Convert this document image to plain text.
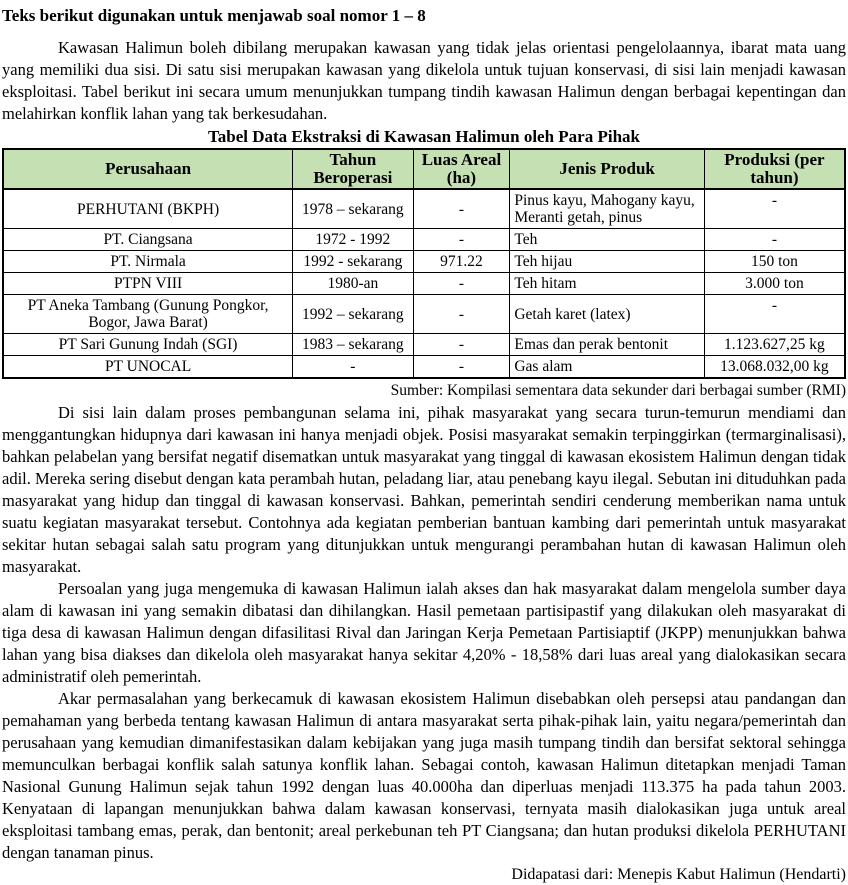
Teks berikut digunakan untuk menjawab soal nomor 1 – 8

Kawasan Halimun boleh dibilang merupakan kawasan yang tidak jelas orientasi pengelolaannya, ibarat mata uang yang memiliki dua sisi. Di satu sisi merupakan kawasan yang dikelola untuk tujuan konservasi, di sisi lain menjadi kawasan eksploitasi. Tabel berikut ini secara umum menunjukkan tumpang tindih kawasan Halimun dengan berbagai kepentingan dan melahirkan konflik lahan yang tak berkesudahan.

Tabel Data Ekstraksi di Kawasan Halimun oleh Para Pihak

Perusahaan	Tahun Beroperasi	Luas Areal (ha)	Jenis Produk	Produksi (per tahun)
PERHUTANI (BKPH)	1978 – sekarang	-	Pinus kayu, Mahogany kayu, Meranti getah, pinus	-
PT. Ciangsana	1972 - 1992	-	Teh	-
PT. Nirmala	1992 - sekarang	971.22	Teh hijau	150 ton
PTPN VIII	1980-an	-	Teh hitam	3.000 ton
PT Aneka Tambang (Gunung Pongkor, Bogor, Jawa Barat)	1992 – sekarang	-	Getah karet (latex)	-
PT Sari Gunung Indah (SGI)	1983 – sekarang	-	Emas dan perak bentonit	1.123.627,25 kg
PT UNOCAL	-	-	Gas alam	13.068.032,00 kg

Sumber: Kompilasi sementara data sekunder dari berbagai sumber (RMI)

Di sisi lain dalam proses pembangunan selama ini, pihak masyarakat yang secara turun-temurun mendiami dan menggantungkan hidupnya dari kawasan ini hanya menjadi objek. Posisi masyarakat semakin terpinggirkan (termarginalisasi), bahkan pelabelan yang bersifat negatif disematkan untuk masyarakat yang tinggal di kawasan ekosistem Halimun dengan tidak adil. Mereka sering disebut dengan kata perambah hutan, peladang liar, atau penebang kayu ilegal. Sebutan ini dituduhkan pada masyarakat yang hidup dan tinggal di kawasan konservasi. Bahkan, pemerintah sendiri cenderung memberikan nama untuk suatu kegiatan masyarakat tersebut. Contohnya ada kegiatan pemberian bantuan kambing dari pemerintah untuk masyarakat sekitar hutan sebagai salah satu program yang ditunjukkan untuk mengurangi perambahan hutan di kawasan Halimun oleh masyarakat.

Persoalan yang juga mengemuka di kawasan Halimun ialah akses dan hak masyarakat dalam mengelola sumber daya alam di kawasan ini yang semakin dibatasi dan dihilangkan. Hasil pemetaan partisipastif yang dilakukan oleh masyarakat di tiga desa di kawasan Halimun dengan difasilitasi Rival dan Jaringan Kerja Pemetaan Partisiaptif (JKPP) menunjukkan bahwa lahan yang bisa diakses dan dikelola oleh masyarakat hanya sekitar 4,20% - 18,58% dari luas areal yang dialokasikan secara administratif oleh pemerintah.

Akar permasalahan yang berkecamuk di kawasan ekosistem Halimun disebabkan oleh persepsi atau pandangan dan pemahaman yang berbeda tentang kawasan Halimun di antara masyarakat serta pihak-pihak lain, yaitu negara/pemerintah dan perusahaan yang kemudian dimanifestasikan dalam kebijakan yang juga masih tumpang tindih dan bersifat sektoral sehingga memunculkan berbagai konflik salah satunya konflik lahan. Sebagai contoh, kawasan Halimun ditetapkan menjadi Taman Nasional Gunung Halimun sejak tahun 1992 dengan luas 40.000ha dan diperluas menjadi 113.375 ha pada tahun 2003. Kenyataan di lapangan menunjukkan bahwa dalam kawasan konservasi, ternyata masih dialokasikan juga untuk areal eksploitasi tambang emas, perak, dan bentonit; areal perkebunan teh PT Ciangsana; dan hutan produksi dikelola PERHUTANI dengan tanaman pinus.

Didapatasi dari: Menepis Kabut Halimun (Hendarti)
